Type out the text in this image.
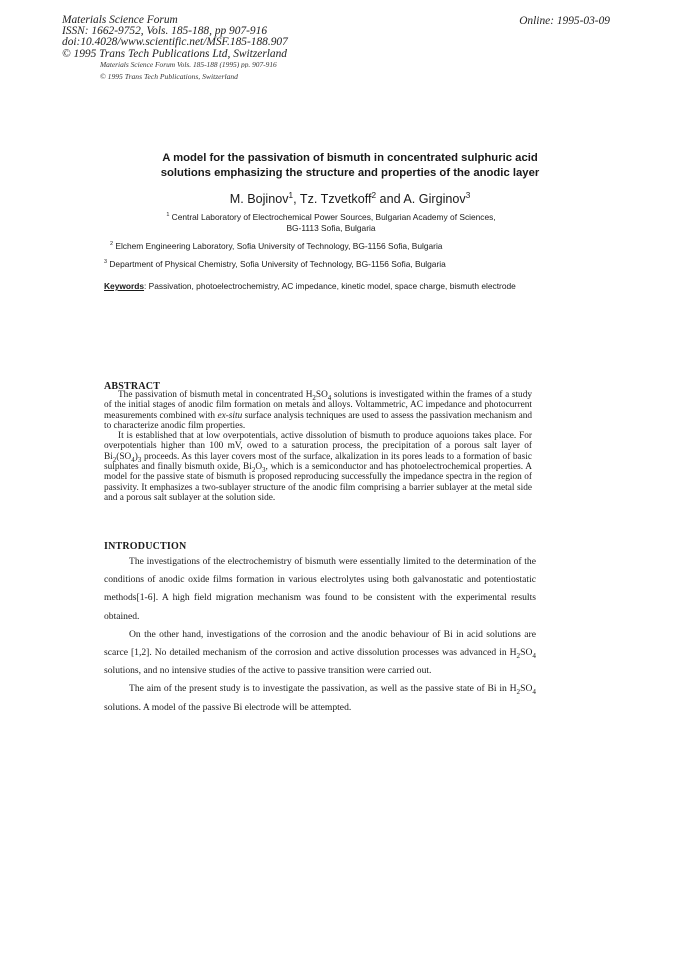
Materials Science Forum
ISSN: 1662-9752, Vols. 185-188, pp 907-916
doi:10.4028/www.scientific.net/MSF.185-188.907
© 1995 Trans Tech Publications Ltd, Switzerland
Online: 1995-03-09
Materials Science Forum Vols. 185-188 (1995) pp. 907-916
© 1995 Trans Tech Publications, Switzerland
A model for the passivation of bismuth in concentrated sulphuric acid
solutions emphasizing the structure and properties of the anodic layer
M. Bojinov$^1$, Tz. Tzvetkoff$^2$ and A. Girginov$^3$
$^1$ Central Laboratory of Electrochemical Power Sources, Bulgarian Academy of Sciences,
BG-1113 Sofia, Bulgaria
$^2$ Elchem Engineering Laboratory, Sofia University of Technology, BG-1156 Sofia, Bulgaria
$^3$ Department of Physical Chemistry, Sofia University of Technology, BG-1156 Sofia, Bulgaria
Keywords: Passivation, photoelectrochemistry, AC impedance, kinetic model, space charge, bismuth electrode
ABSTRACT

The passivation of bismuth metal in concentrated $H_2SO_4$ solutions is investigated within the frames of a study of the initial stages of anodic film formation on metals and alloys. Voltammetric, AC impedance and photocurrent measurements combined with ex-situ surface analysis techniques are used to assess the passivation mechanism and to characterize anodic film properties.

It is established that at low overpotentials, active dissolution of bismuth to produce aquoions takes place. For overpotentials higher than 100 mV, owed to a saturation process, the precipitation of a porous salt layer of $Bi_2(SO_4)_3$ proceeds. As this layer covers most of the surface, alkalization in its pores leads to a formation of basic sulphates and finally bismuth oxide, $Bi_2O_3$, which is a semiconductor and has photoelectrochemical properties. A model for the passive state of bismuth is proposed reproducing successfully the impedance spectra in the region of passivity. It emphasizes a two-sublayer structure of the anodic film comprising a barrier sublayer at the metal side and a porous salt sublayer at the solution side.

INTRODUCTION

The investigations of the electrochemistry of bismuth were essentially limited to the determination of the conditions of anodic oxide films formation in various electrolytes using both galvanostatic and potentiostatic methods[1-6]. A high field migration mechanism was found to be consistent with the experimental results obtained.

On the other hand, investigations of the corrosion and the anodic behaviour of Bi in acid solutions are scarce [1,2]. No detailed mechanism of the corrosion and active dissolution processes was advanced in $H_2SO_4$ solutions, and no intensive studies of the active to passive transition were carried out.

The aim of the present study is to investigate the passivation, as well as the passive state of Bi in $H_2SO_4$ solutions. A model of the passive Bi electrode will be attempted.
